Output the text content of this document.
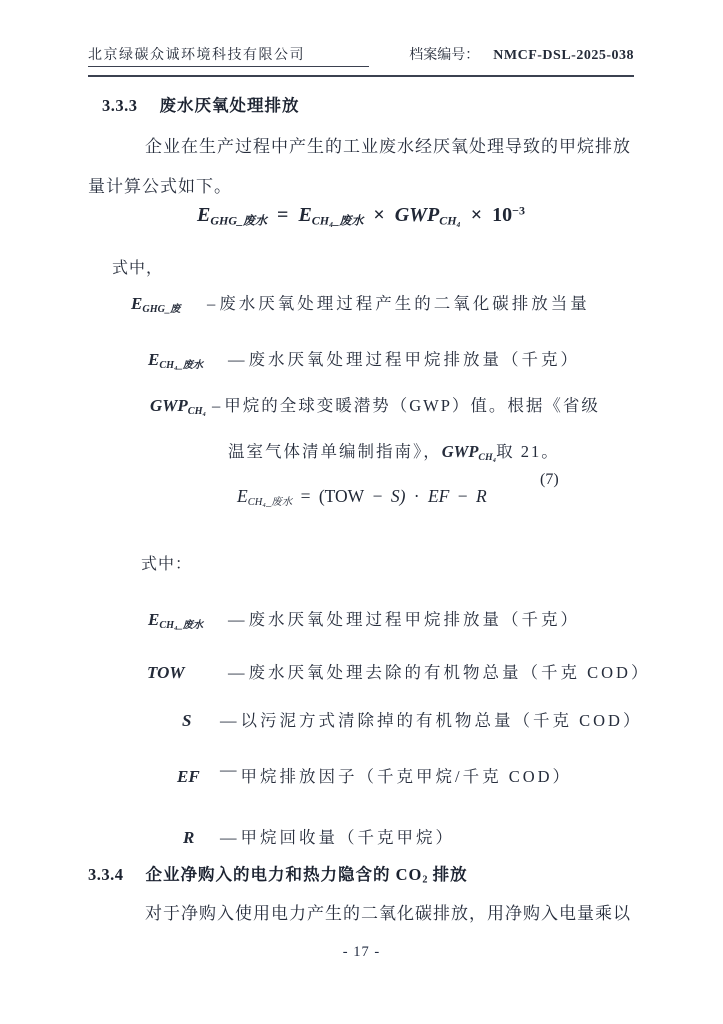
北京绿碳众诚环境科技有限公司	档案编号： NMCF-DSL-2025-038
3.3.3 废水厌氧处理排放
企业在生产过程中产生的工业废水经厌氧处理导致的甲烷排放
量计算公式如下。
EGHG_废水 = ECH₄_废水 × GWPCH₄ × $10^{-3}$
式中，
EGHG_废	– 废水厌氧处理过程产生的二氧化碳排放当量
ECH₄_废水	— 废水厌氧处理过程甲烷排放量（千克）
GWPCH₄ – 甲烷的全球变暖潜势（GWP）值。根据《省级
温室气体清单编制指南》，GWPCH₄取 21。
(7)
ECH₄_废水 = (TOW − S) · EF − R
式中：
ECH₄_废水	— 废水厌氧处理过程甲烷排放量（千克）
TOW	— 废水厌氧处理去除的有机物总量（千克 COD）
S	— 以污泥方式清除掉的有机物总量（千克 COD）
EF	— 甲烷排放因子（千克甲烷/千克 COD）
R	— 甲烷回收量（千克甲烷）
3.3.4 企业净购入的电力和热力隐含的 CO2 排放
对于净购入使用电力产生的二氧化碳排放，用净购入电量乘以
- 17 -
